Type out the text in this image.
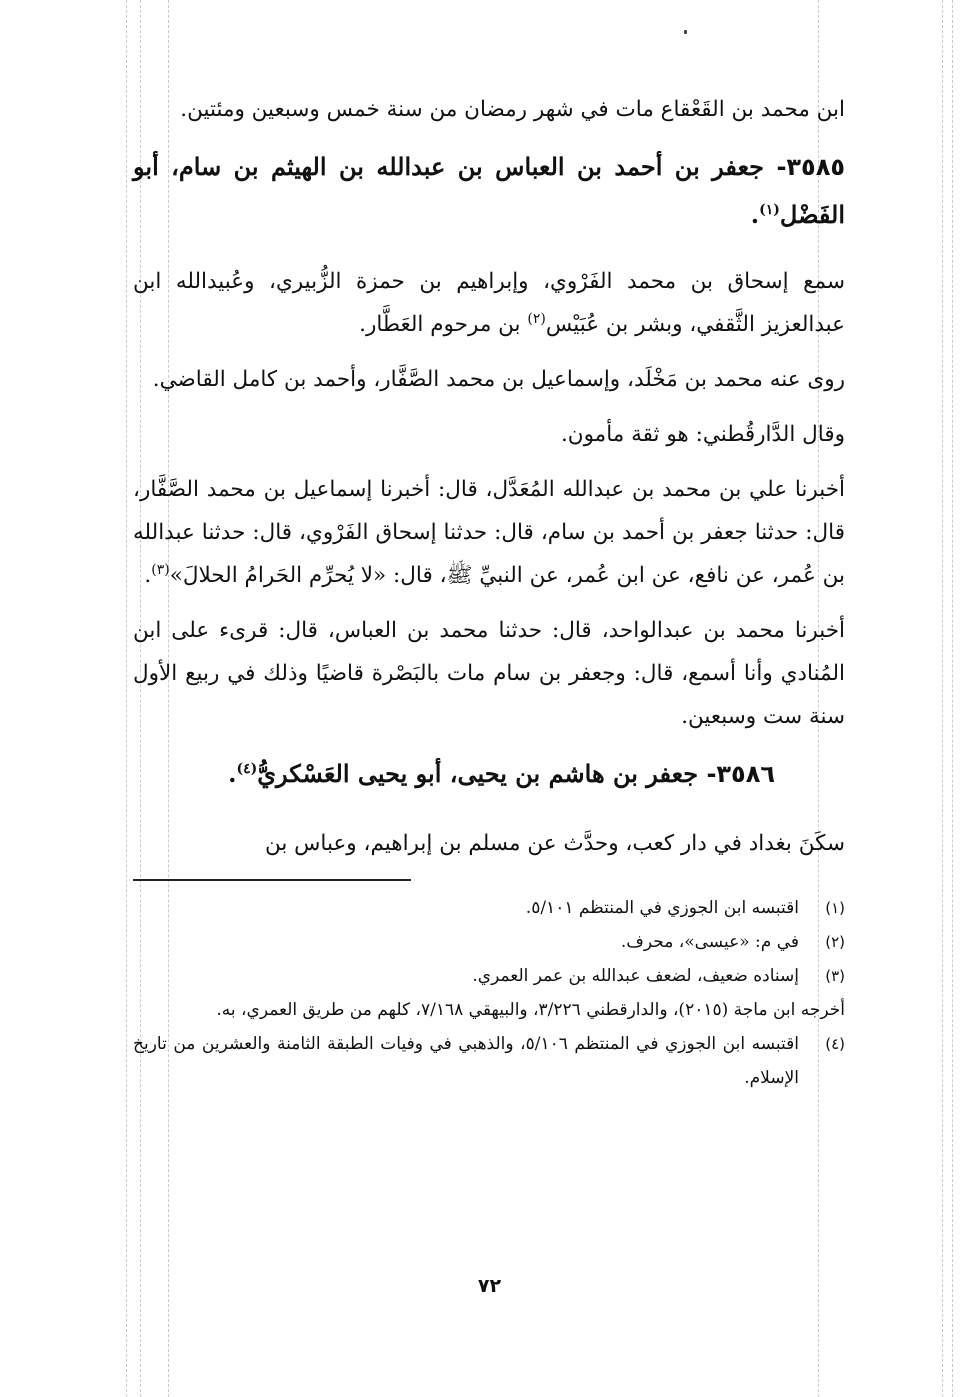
ابن محمد بن القَعْقاع مات في شهر رمضان من سنة خمس وسبعين ومئتين.

٣٥٨٥- جعفر بن أحمد بن العباس بن عبدالله بن الهيثم بن سام، أبو الفَضْل$^{(١)}$.

سمع إسحاق بن محمد الفَرْوي، وإبراهيم بن حمزة الزُّبيري، وعُبيدالله ابن عبدالعزيز الثَّقفي، وبشر بن عُبَيْس$^{(٢)}$ بن مرحوم العَطَّار.

روى عنه محمد بن مَخْلَد، وإسماعيل بن محمد الصَّفَّار، وأحمد بن كامل القاضي.

وقال الدَّارقُطني: هو ثقة مأمون.

أخبرنا علي بن محمد بن عبدالله المُعَدَّل، قال: أخبرنا إسماعيل بن محمد الصَّفَّار، قال: حدثنا جعفر بن أحمد بن سام، قال: حدثنا إسحاق الفَرْوي، قال: حدثنا عبدالله بن عُمر، عن نافع، عن ابن عُمر، عن النبيِّ ﷺ، قال: «لا يُحرِّم الحَرامُ الحلالَ»$^{(٣)}$.

أخبرنا محمد بن عبدالواحد، قال: حدثنا محمد بن العباس، قال: قرىء على ابن المُنادي وأنا أسمع، قال: وجعفر بن سام مات بالبَصْرة قاضيًا وذلك في ربيع الأول سنة ست وسبعين.

٣٥٨٦- جعفر بن هاشم بن يحيى، أبو يحيى العَسْكريُّ$^{(٤)}$.

سكَنَ بغداد في دار كعب، وحدَّث عن مسلم بن إبراهيم، وعباس بن

(١)
اقتبسه ابن الجوزي في المنتظم ٥/١٠١.
(٢)
في م: «عيسى»، محرف.
(٣)
إسناده ضعيف، لضعف عبدالله بن عمر العمري.
أخرجه ابن ماجة (٢٠١٥)، والدارقطني ٣/٢٢٦، والبيهقي ٧/١٦٨، كلهم من طريق العمري، به.
(٤)
اقتبسه ابن الجوزي في المنتظم ٥/١٠٦، والذهبي في وفيات الطبقة الثامنة والعشرين من تاريخ الإسلام.
٧٢
